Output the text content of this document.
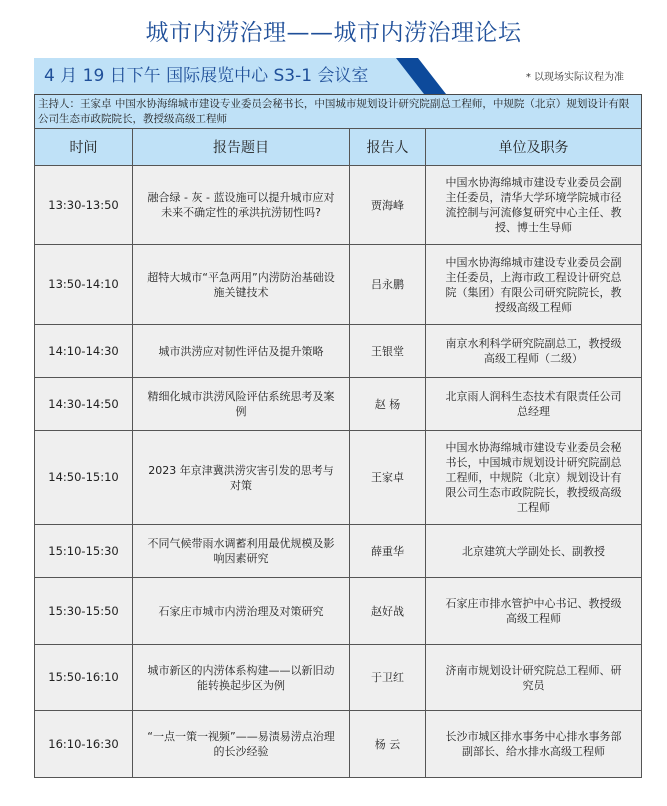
城市内涝治理——城市内涝治理论坛
4 月 19 日下午 国际展览中心 S3-1 会议室	* 以现场实际议程为准
主持人：王家卓 中国水协海绵城市建设专业委员会秘书长，中国城市规划设计研究院副总工程师，中规院（北京）规划设计有限公司生态市政院院长，教授级高级工程师
时间	报告题目	报告人	单位及职务
13:30-13:50	融合绿 - 灰 - 蓝设施可以提升城市应对未来不确定性的承洪抗涝韧性吗?	贾海峰	中国水协海绵城市建设专业委员会副主任委员，清华大学环境学院城市径流控制与河流修复研究中心主任、教授、博士生导师
13:50-14:10	超特大城市“平急两用”内涝防治基础设施关键技术	吕永鹏	中国水协海绵城市建设专业委员会副主任委员，上海市政工程设计研究总院（集团）有限公司研究院院长，教授级高级工程师
14:10-14:30	城市洪涝应对韧性评估及提升策略	王银堂	南京水利科学研究院副总工，教授级高级工程师（二级）
14:30-14:50	精细化城市洪涝风险评估系统思考及案例	赵 杨	北京雨人润科生态技术有限责任公司总经理
14:50-15:10	2023 年京津冀洪涝灾害引发的思考与对策	王家卓	中国水协海绵城市建设专业委员会秘书长，中国城市规划设计研究院副总工程师，中规院（北京）规划设计有限公司生态市政院院长，教授级高级工程师
15:10-15:30	不同气候带雨水调蓄利用最优规模及影响因素研究	薛重华	北京建筑大学副处长、副教授
15:30-15:50	石家庄市城市内涝治理及对策研究	赵好战	石家庄市排水管护中心书记、教授级高级工程师
15:50-16:10	城市新区的内涝体系构建——以新旧动能转换起步区为例	于卫红	济南市规划设计研究院总工程师、研究员
16:10-16:30	“一点一策一视频”——易渍易涝点治理的长沙经验	杨 云	长沙市城区排水事务中心排水事务部副部长、给水排水高级工程师
